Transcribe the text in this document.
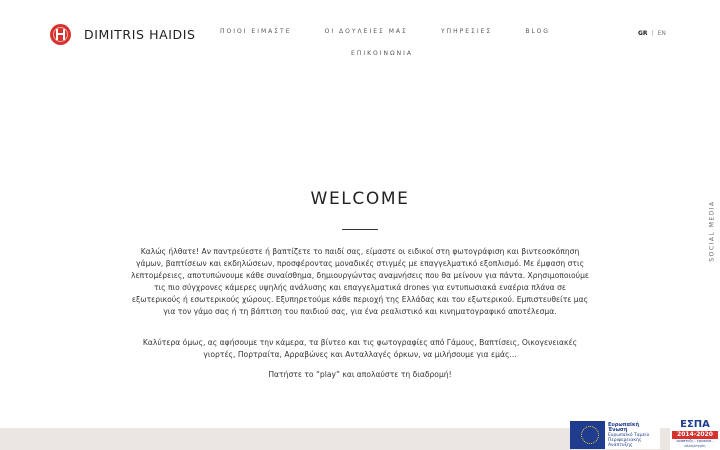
DIMITRIS HAIDIS	ΠΟΙΟΙ ΕΙΜΑΣΤΕ	ΟΙ ΔΟΥΛΕΙΕΣ ΜΑΣ	ΥΠΗΡΕΣΙΕΣ	BLOG
ΕΠΙΚΟΙΝΩΝΙΑ
GR | EN
SOCIAL MEDIA
WELCOME

Καλώς ήλθατε! Αν παντρεύεστε ή βαπτίζετε το παιδί σας, είμαστε οι ειδικοί στη φωτογράφιση και βιντεοσκόπηση γάμων, βαπτίσεων και εκδηλώσεων, προσφέροντας μοναδικές στιγμές με επαγγελματικό εξοπλισμό. Με έμφαση στις λεπτομέρειες, αποτυπώνουμε κάθε συναίσθημα, δημιουργώντας αναμνήσεις που θα μείνουν για πάντα. Χρησιμοποιούμε τις πιο σύγχρονες κάμερες υψηλής ανάλυσης και επαγγελματικά drones για εντυπωσιακά εναέρια πλάνα σε εξωτερικούς ή εσωτερικούς χώρους. Εξυπηρετούμε κάθε περιοχή της Ελλάδας και του εξωτερικού. Εμπιστευθείτε μας για τον γάμο σας ή τη βάπτιση του παιδιού σας, για ένα ρεαλιστικό και κινηματογραφικό αποτέλεσμα.

Καλύτερα όμως, ας αφήσουμε την κάμερα, τα βίντεο και τις φωτογραφίες από Γάμους, Βαπτίσεις, Οικογενειακές γιορτές, Πορτραίτα, Αρραβώνες και Ανταλλαγές όρκων, να μιλήσουμε για εμάς...

Πατήστε το “play” και απολαύστε τη διαδρομή!

Ευρωπαϊκή Ένωση
Ευρωπαϊκό Ταμείο
Περιφερειακής Ανάπτυξης
ΕΣΠΑ
2014-2020
ανάπτυξη - εργασία - αλληλεγγύη
